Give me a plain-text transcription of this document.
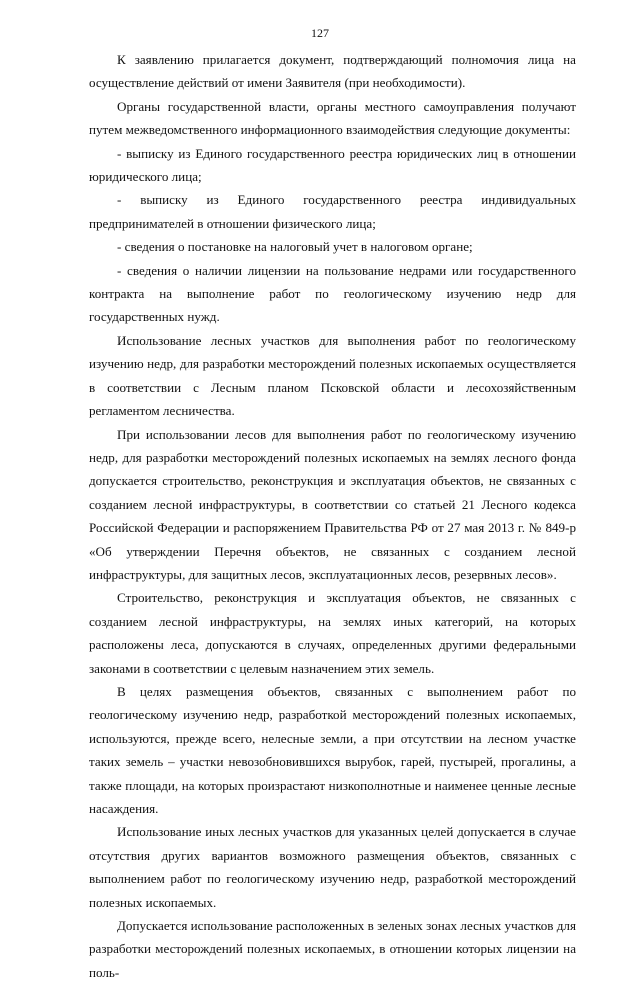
127

К заявлению прилагается документ, подтверждающий полномочия лица на осуществление действий от имени Заявителя (при необходимости).

Органы государственной власти, органы местного самоуправления получают путем межведомственного информационного взаимодействия следующие документы:

- выписку из Единого государственного реестра юридических лиц в отношении юридического лица;

- выписку из Единого государственного реестра индивидуальных предпринимателей в отношении физического лица;

- сведения о постановке на налоговый учет в налоговом органе;

- сведения о наличии лицензии на пользование недрами или государственного контракта на выполнение работ по геологическому изучению недр для государственных нужд.

Использование лесных участков для выполнения работ по геологическому изучению недр, для разработки месторождений полезных ископаемых осуществляется в соответствии с Лесным планом Псковской области и лесохозяйственным регламентом лесничества.

При использовании лесов для выполнения работ по геологическому изучению недр, для разработки месторождений полезных ископаемых на землях лесного фонда допускается строительство, реконструкция и эксплуатация объектов, не связанных с созданием лесной инфраструктуры, в соответствии со статьей 21 Лесного кодекса Российской Федерации и распоряжением Правительства РФ от 27 мая 2013 г. № 849-р «Об утверждении Перечня объектов, не связанных с созданием лесной инфраструктуры, для защитных лесов, эксплуатационных лесов, резервных лесов».

Строительство, реконструкция и эксплуатация объектов, не связанных с созданием лесной инфраструктуры, на землях иных категорий, на которых расположены леса, допускаются в случаях, определенных другими федеральными законами в соответствии с целевым назначением этих земель.

В целях размещения объектов, связанных с выполнением работ по геологическому изучению недр, разработкой месторождений полезных ископаемых, используются, прежде всего, нелесные земли, а при отсутствии на лесном участке таких земель – участки невозобновившихся вырубок, гарей, пустырей, прогалины, а также площади, на которых произрастают низкополнотные и наименее ценные лесные насаждения.

Использование иных лесных участков для указанных целей допускается в случае отсутствия других вариантов возможного размещения объектов, связанных с выполнением работ по геологическому изучению недр, разработкой месторождений полезных ископаемых.

Допускается использование расположенных в зеленых зонах лесных участков для разработки месторождений полезных ископаемых, в отношении которых лицензии на поль-
